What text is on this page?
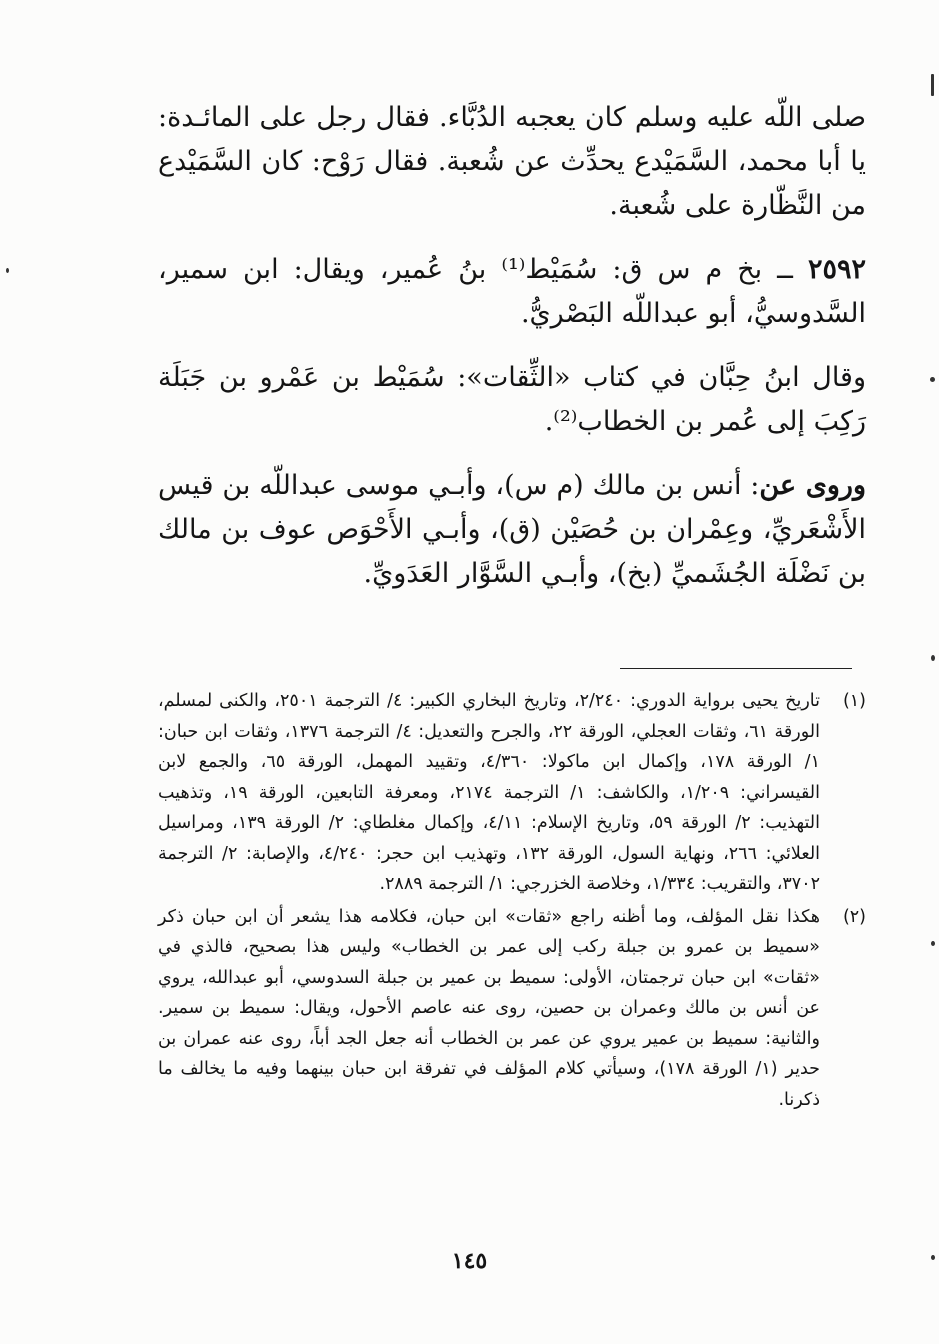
صلى اللّه عليه وسلم كان يعجبه الدُبَّاء. فقال رجل على المائـدة: يا أبا محمد، السَّمَيْدع يحدِّث عن شُعبة. فقال رَوْح: كان السَّمَيْدع من النَّظّارة على شُعبة.

٢٥٩٢ ــ بخ م س ق: سُمَيْط⁽¹⁾ بنُ عُمير، ويقال: ابن سمير، السَّدوسيُّ، أبو عبداللّه البَصْريُّ.

وقال ابنُ حِبَّان في كتاب «الثِّقات»: سُمَيْط بن عَمْرو بن جَبَلَة رَكِبَ إلى عُمر بن الخطاب⁽²⁾.

وروى عن: أنس بن مالك (م س)، وأبـي موسى عبداللّه بن قيس الأَشْعَريِّ، وعِمْران بن حُصَيْن (ق)، وأبـي الأَحْوَص عوف بن مالك بن نَضْلَة الجُشَميِّ (بخ)، وأبـي السَّوَّار العَدَويِّ.

(١)
تاريخ يحيى برواية الدوري: ٢/٢٤٠، وتاريخ البخاري الكبير: ٤/ الترجمة ٢٥٠١، والكنى لمسلم، الورقة ٦١، وثقات العجلي، الورقة ٢٢، والجرح والتعديل: ٤/ الترجمة ١٣٧٦، وثقات ابن حبان: ١/ الورقة ١٧٨، وإكمال ابن ماكولا: ٤/٣٦٠، وتقييد المهمل، الورقة ٦٥، والجمع لابن القيسراني: ١/٢٠٩، والكاشف: ١/ الترجمة ٢١٧٤، ومعرفة التابعين، الورقة ١٩، وتذهيب التهذيب: ٢/ الورقة ٥٩، وتاريخ الإسلام: ٤/١١، وإكمال مغلطاي: ٢/ الورقة ١٣٩، ومراسيل العلائي: ٢٦٦، ونهاية السول، الورقة ١٣٢، وتهذيب ابن حجر: ٤/٢٤٠، والإصابة: ٢/ الترجمة ٣٧٠٢، والتقريب: ١/٣٣٤، وخلاصة الخزرجي: ١/ الترجمة ٢٨٨٩.

(٢)
هكذا نقل المؤلف، وما أظنه راجع «ثقات» ابن حبان، فكلامه هذا يشعر أن ابن حبان ذكر «سميط بن عمرو بن جبلة ركب إلى عمر بن الخطاب» وليس هذا بصحيح، فالذي في «ثقات» ابن حبان ترجمتان، الأولى: سميط بن عمير بن جبلة السدوسي، أبو عبدالله، يروي عن أنس بن مالك وعمران بن حصين، روى عنه عاصم الأحول، ويقال: سميط بن سمير. والثانية: سميط بن عمير يروي عن عمر بن الخطاب أنه جعل الجد أباً، روى عنه عمران بن حدير (١/ الورقة ١٧٨)، وسيأتي كلام المؤلف في تفرقة ابن حبان بينهما وفيه ما يخالف ما ذكرنا.

١٤٥
